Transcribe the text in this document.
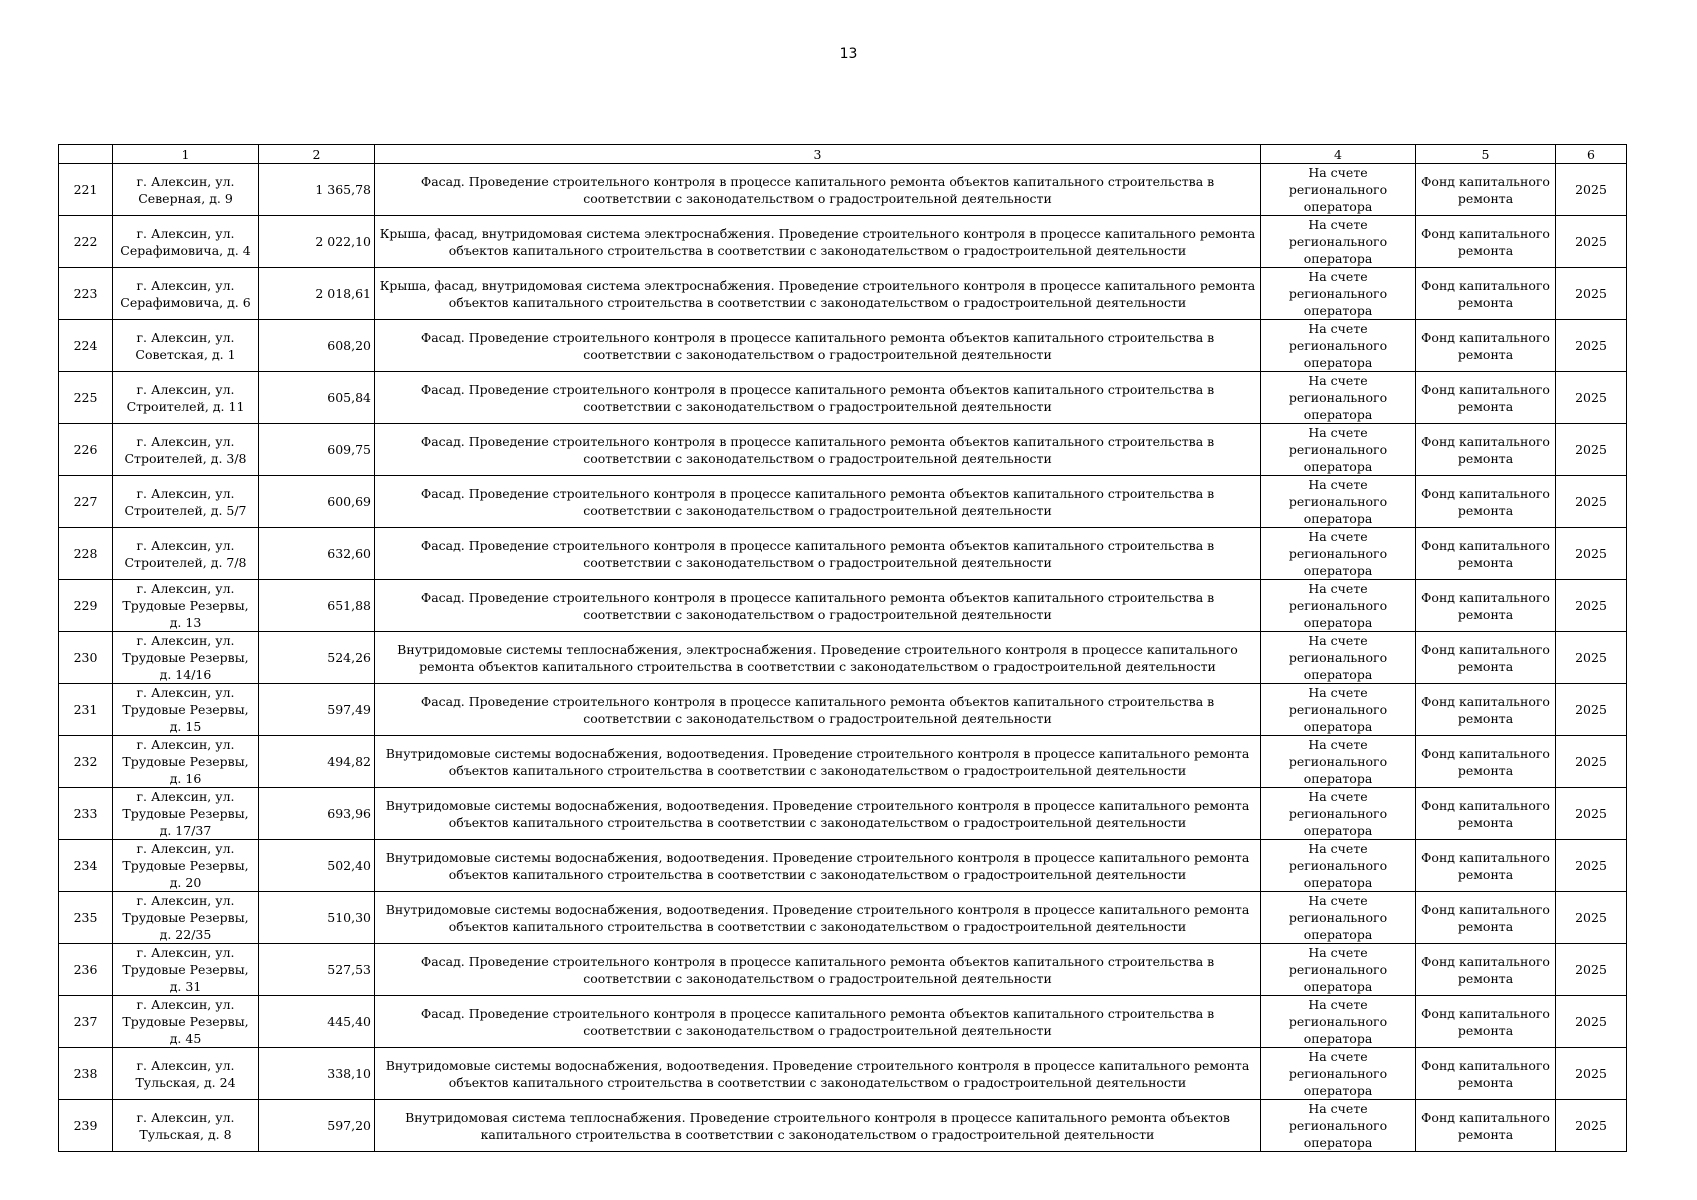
13
	1	2	3	4	5	6
221	г. Алексин, ул. Северная, д. 9	1 365,78	Фасад. Проведение строительного контроля в процессе капитального ремонта объектов капитального строительства в соответствии с законодательством о градостроительной деятельности	На счете регионального оператора	Фонд капитального ремонта	2025
222	г. Алексин, ул. Серафимовича, д. 4	2 022,10	Крыша, фасад, внутридомовая система электроснабжения. Проведение строительного контроля в процессе капитального ремонта объектов капитального строительства в соответствии с законодательством о градостроительной деятельности	На счете регионального оператора	Фонд капитального ремонта	2025
223	г. Алексин, ул. Серафимовича, д. 6	2 018,61	Крыша, фасад, внутридомовая система электроснабжения. Проведение строительного контроля в процессе капитального ремонта объектов капитального строительства в соответствии с законодательством о градостроительной деятельности	На счете регионального оператора	Фонд капитального ремонта	2025
224	г. Алексин, ул. Советская, д. 1	608,20	Фасад. Проведение строительного контроля в процессе капитального ремонта объектов капитального строительства в соответствии с законодательством о градостроительной деятельности	На счете регионального оператора	Фонд капитального ремонта	2025
225	г. Алексин, ул. Строителей, д. 11	605,84	Фасад. Проведение строительного контроля в процессе капитального ремонта объектов капитального строительства в соответствии с законодательством о градостроительной деятельности	На счете регионального оператора	Фонд капитального ремонта	2025
226	г. Алексин, ул. Строителей, д. 3/8	609,75	Фасад. Проведение строительного контроля в процессе капитального ремонта объектов капитального строительства в соответствии с законодательством о градостроительной деятельности	На счете регионального оператора	Фонд капитального ремонта	2025
227	г. Алексин, ул. Строителей, д. 5/7	600,69	Фасад. Проведение строительного контроля в процессе капитального ремонта объектов капитального строительства в соответствии с законодательством о градостроительной деятельности	На счете регионального оператора	Фонд капитального ремонта	2025
228	г. Алексин, ул. Строителей, д. 7/8	632,60	Фасад. Проведение строительного контроля в процессе капитального ремонта объектов капитального строительства в соответствии с законодательством о градостроительной деятельности	На счете регионального оператора	Фонд капитального ремонта	2025
229	г. Алексин, ул. Трудовые Резервы, д. 13	651,88	Фасад. Проведение строительного контроля в процессе капитального ремонта объектов капитального строительства в соответствии с законодательством о градостроительной деятельности	На счете регионального оператора	Фонд капитального ремонта	2025
230	г. Алексин, ул. Трудовые Резервы, д. 14/16	524,26	Внутридомовые системы теплоснабжения, электроснабжения. Проведение строительного контроля в процессе капитального ремонта объектов капитального строительства в соответствии с законодательством о градостроительной деятельности	На счете регионального оператора	Фонд капитального ремонта	2025
231	г. Алексин, ул. Трудовые Резервы, д. 15	597,49	Фасад. Проведение строительного контроля в процессе капитального ремонта объектов капитального строительства в соответствии с законодательством о градостроительной деятельности	На счете регионального оператора	Фонд капитального ремонта	2025
232	г. Алексин, ул. Трудовые Резервы, д. 16	494,82	Внутридомовые системы водоснабжения, водоотведения. Проведение строительного контроля в процессе капитального ремонта объектов капитального строительства в соответствии с законодательством о градостроительной деятельности	На счете регионального оператора	Фонд капитального ремонта	2025
233	г. Алексин, ул. Трудовые Резервы, д. 17/37	693,96	Внутридомовые системы водоснабжения, водоотведения. Проведение строительного контроля в процессе капитального ремонта объектов капитального строительства в соответствии с законодательством о градостроительной деятельности	На счете регионального оператора	Фонд капитального ремонта	2025
234	г. Алексин, ул. Трудовые Резервы, д. 20	502,40	Внутридомовые системы водоснабжения, водоотведения. Проведение строительного контроля в процессе капитального ремонта объектов капитального строительства в соответствии с законодательством о градостроительной деятельности	На счете регионального оператора	Фонд капитального ремонта	2025
235	г. Алексин, ул. Трудовые Резервы, д. 22/35	510,30	Внутридомовые системы водоснабжения, водоотведения. Проведение строительного контроля в процессе капитального ремонта объектов капитального строительства в соответствии с законодательством о градостроительной деятельности	На счете регионального оператора	Фонд капитального ремонта	2025
236	г. Алексин, ул. Трудовые Резервы, д. 31	527,53	Фасад. Проведение строительного контроля в процессе капитального ремонта объектов капитального строительства в соответствии с законодательством о градостроительной деятельности	На счете регионального оператора	Фонд капитального ремонта	2025
237	г. Алексин, ул. Трудовые Резервы, д. 45	445,40	Фасад. Проведение строительного контроля в процессе капитального ремонта объектов капитального строительства в соответствии с законодательством о градостроительной деятельности	На счете регионального оператора	Фонд капитального ремонта	2025
238	г. Алексин, ул. Тульская, д. 24	338,10	Внутридомовые системы водоснабжения, водоотведения. Проведение строительного контроля в процессе капитального ремонта объектов капитального строительства в соответствии с законодательством о градостроительной деятельности	На счете регионального оператора	Фонд капитального ремонта	2025
239	г. Алексин, ул. Тульская, д. 8	597,20	Внутридомовая система теплоснабжения. Проведение строительного контроля в процессе капитального ремонта объектов капитального строительства в соответствии с законодательством о градостроительной деятельности	На счете регионального оператора	Фонд капитального ремонта	2025
